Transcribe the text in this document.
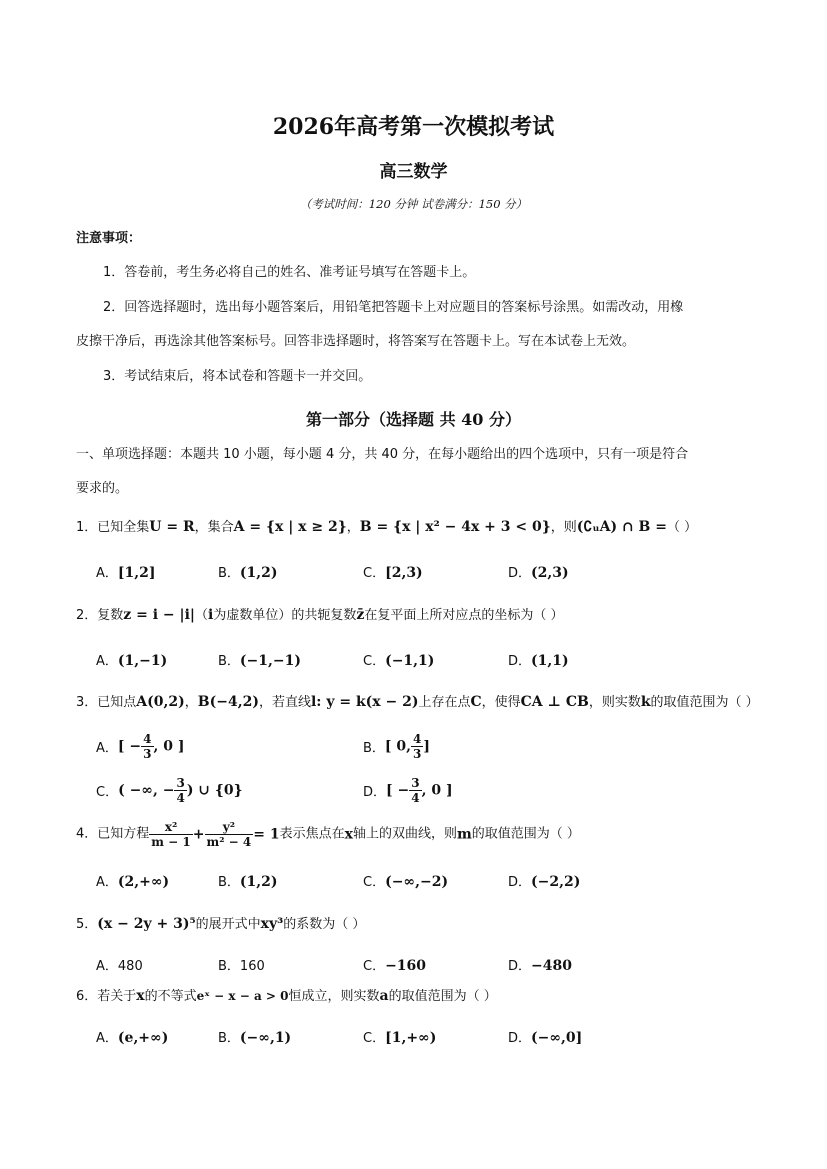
2026年高考第一次模拟考试
高三数学
（考试时间：120 分钟 试卷满分：150 分）
注意事项：
1．答卷前，考生务必将自己的姓名、准考证号填写在答题卡上。
2．回答选择题时，选出每小题答案后，用铅笔把答题卡上对应题目的答案标号涂黑。如需改动，用橡
皮擦干净后，再选涂其他答案标号。回答非选择题时，将答案写在答题卡上。写在本试卷上无效。
3．考试结束后，将本试卷和答题卡一并交回。
第一部分（选择题 共 40 分）
一、单项选择题：本题共 10 小题，每小题 4 分，共 40 分，在每小题给出的四个选项中，只有一项是符合
要求的。
1．已知全集U = R，集合A = {x | x ≥ 2}，B = {x | x² − 4x + 3 < 0}，则(∁ᵤA) ∩ B =（ ）
A．[1,2]	B．(1,2)	C．[2,3)	D．(2,3)
2．复数z = i − |i|（i为虚数单位）的共轭复数z̄在复平面上所对应点的坐标为（ ）
A．(1,−1)	B．(−1,−1)	C．(−1,1)	D．(1,1)
3．已知点A(0,2)，B(−4,2)，若直线l: y = k(x − 2)上存在点C，使得CA ⊥ CB，则实数k的取值范围为（ ）
A．[ − $\frac{4}{3}$ , 0 ]	B．[ 0, $\frac{4}{3}$ ]
C．( −∞, − $\frac{3}{4}$ ) ∪ {0}	D．[ − $\frac{3}{4}$ , 0 ]
4．已知方程 $\frac{\text{x²}}{m - 1} + \frac{\text{y²}}{\text{m² − 4}} = 1$表示焦点在x轴上的双曲线，则m的取值范围为（ ）
A．(2,+∞)	B．(1,2)	C．(−∞,−2)	D．(−2,2)
5．(x − 2y + 3)⁵的展开式中xy³的系数为（ ）
A．480	B．160	C．−160	D．−480
6．若关于x的不等式eˣ − x − a > 0恒成立，则实数a的取值范围为（ ）
A．(e,+∞)	B．(−∞,1)	C．[1,+∞)	D．(−∞,0]
